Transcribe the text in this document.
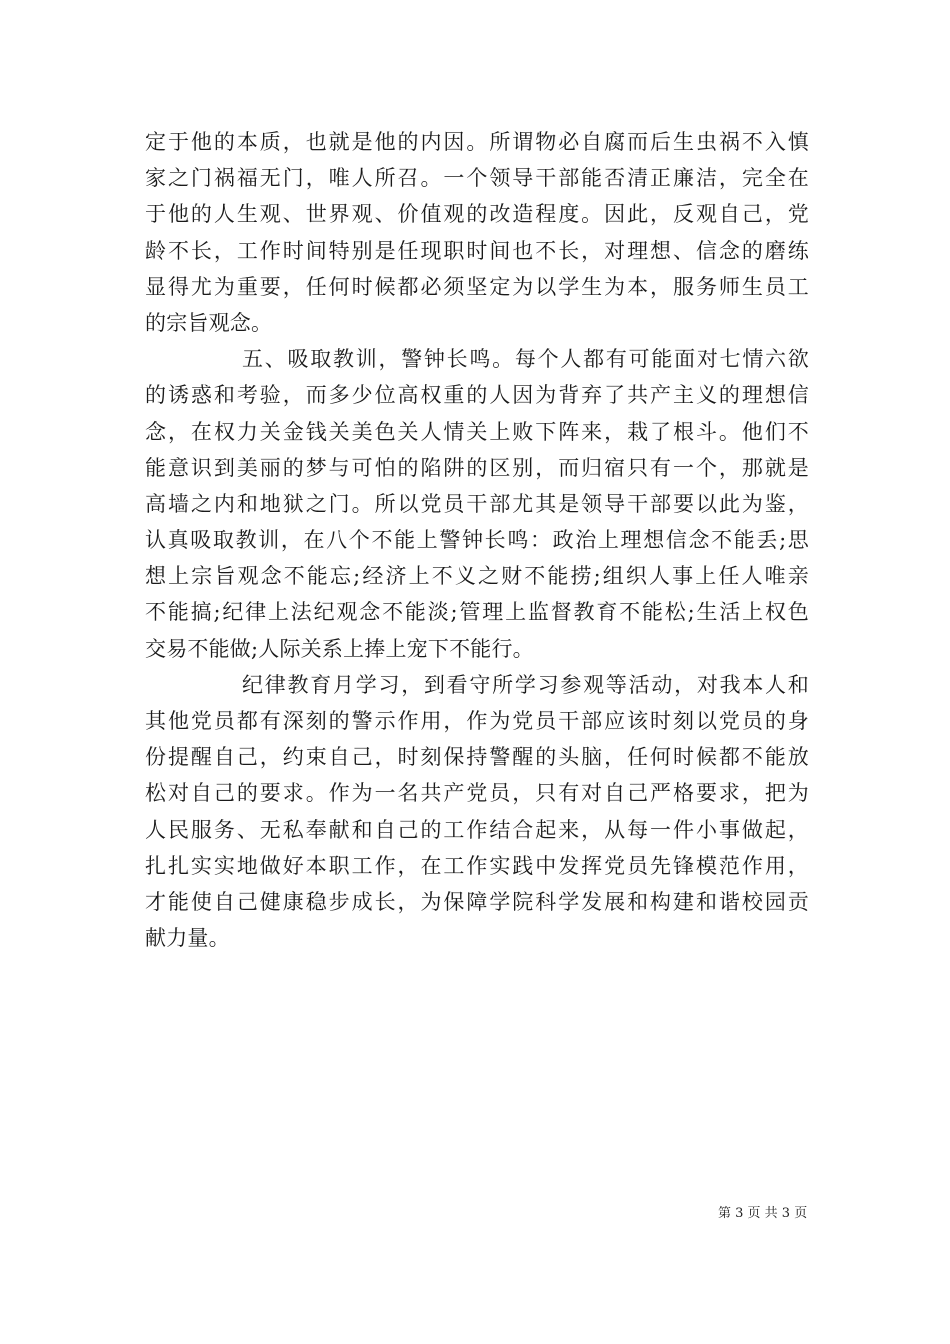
定于他的本质，也就是他的内因。所谓物必自腐而后生虫祸不入慎
家之门祸福无门，唯人所召。一个领导干部能否清正廉洁，完全在
于他的人生观、世界观、价值观的改造程度。因此，反观自己，党
龄不长，工作时间特别是任现职时间也不长，对理想、信念的磨练
显得尤为重要，任何时候都必须坚定为以学生为本，服务师生员工
的宗旨观念。
五、吸取教训，警钟长鸣。每个人都有可能面对七情六欲
的诱惑和考验，而多少位高权重的人因为背弃了共产主义的理想信
念，在权力关金钱关美色关人情关上败下阵来，栽了根斗。他们不
能意识到美丽的梦与可怕的陷阱的区别，而归宿只有一个，那就是
高墙之内和地狱之门。所以党员干部尤其是领导干部要以此为鉴，
认真吸取教训，在八个不能上警钟长鸣：政治上理想信念不能丢;思
想上宗旨观念不能忘;经济上不义之财不能捞;组织人事上任人唯亲
不能搞;纪律上法纪观念不能淡;管理上监督教育不能松;生活上权色
交易不能做;人际关系上捧上宠下不能行。
纪律教育月学习，到看守所学习参观等活动，对我本人和
其他党员都有深刻的警示作用，作为党员干部应该时刻以党员的身
份提醒自己，约束自己，时刻保持警醒的头脑，任何时候都不能放
松对自己的要求。作为一名共产党员，只有对自己严格要求，把为
人民服务、无私奉献和自己的工作结合起来，从每一件小事做起，
扎扎实实地做好本职工作，在工作实践中发挥党员先锋模范作用，
才能使自己健康稳步成长，为保障学院科学发展和构建和谐校园贡
献力量。
第 3 页 共 3 页
